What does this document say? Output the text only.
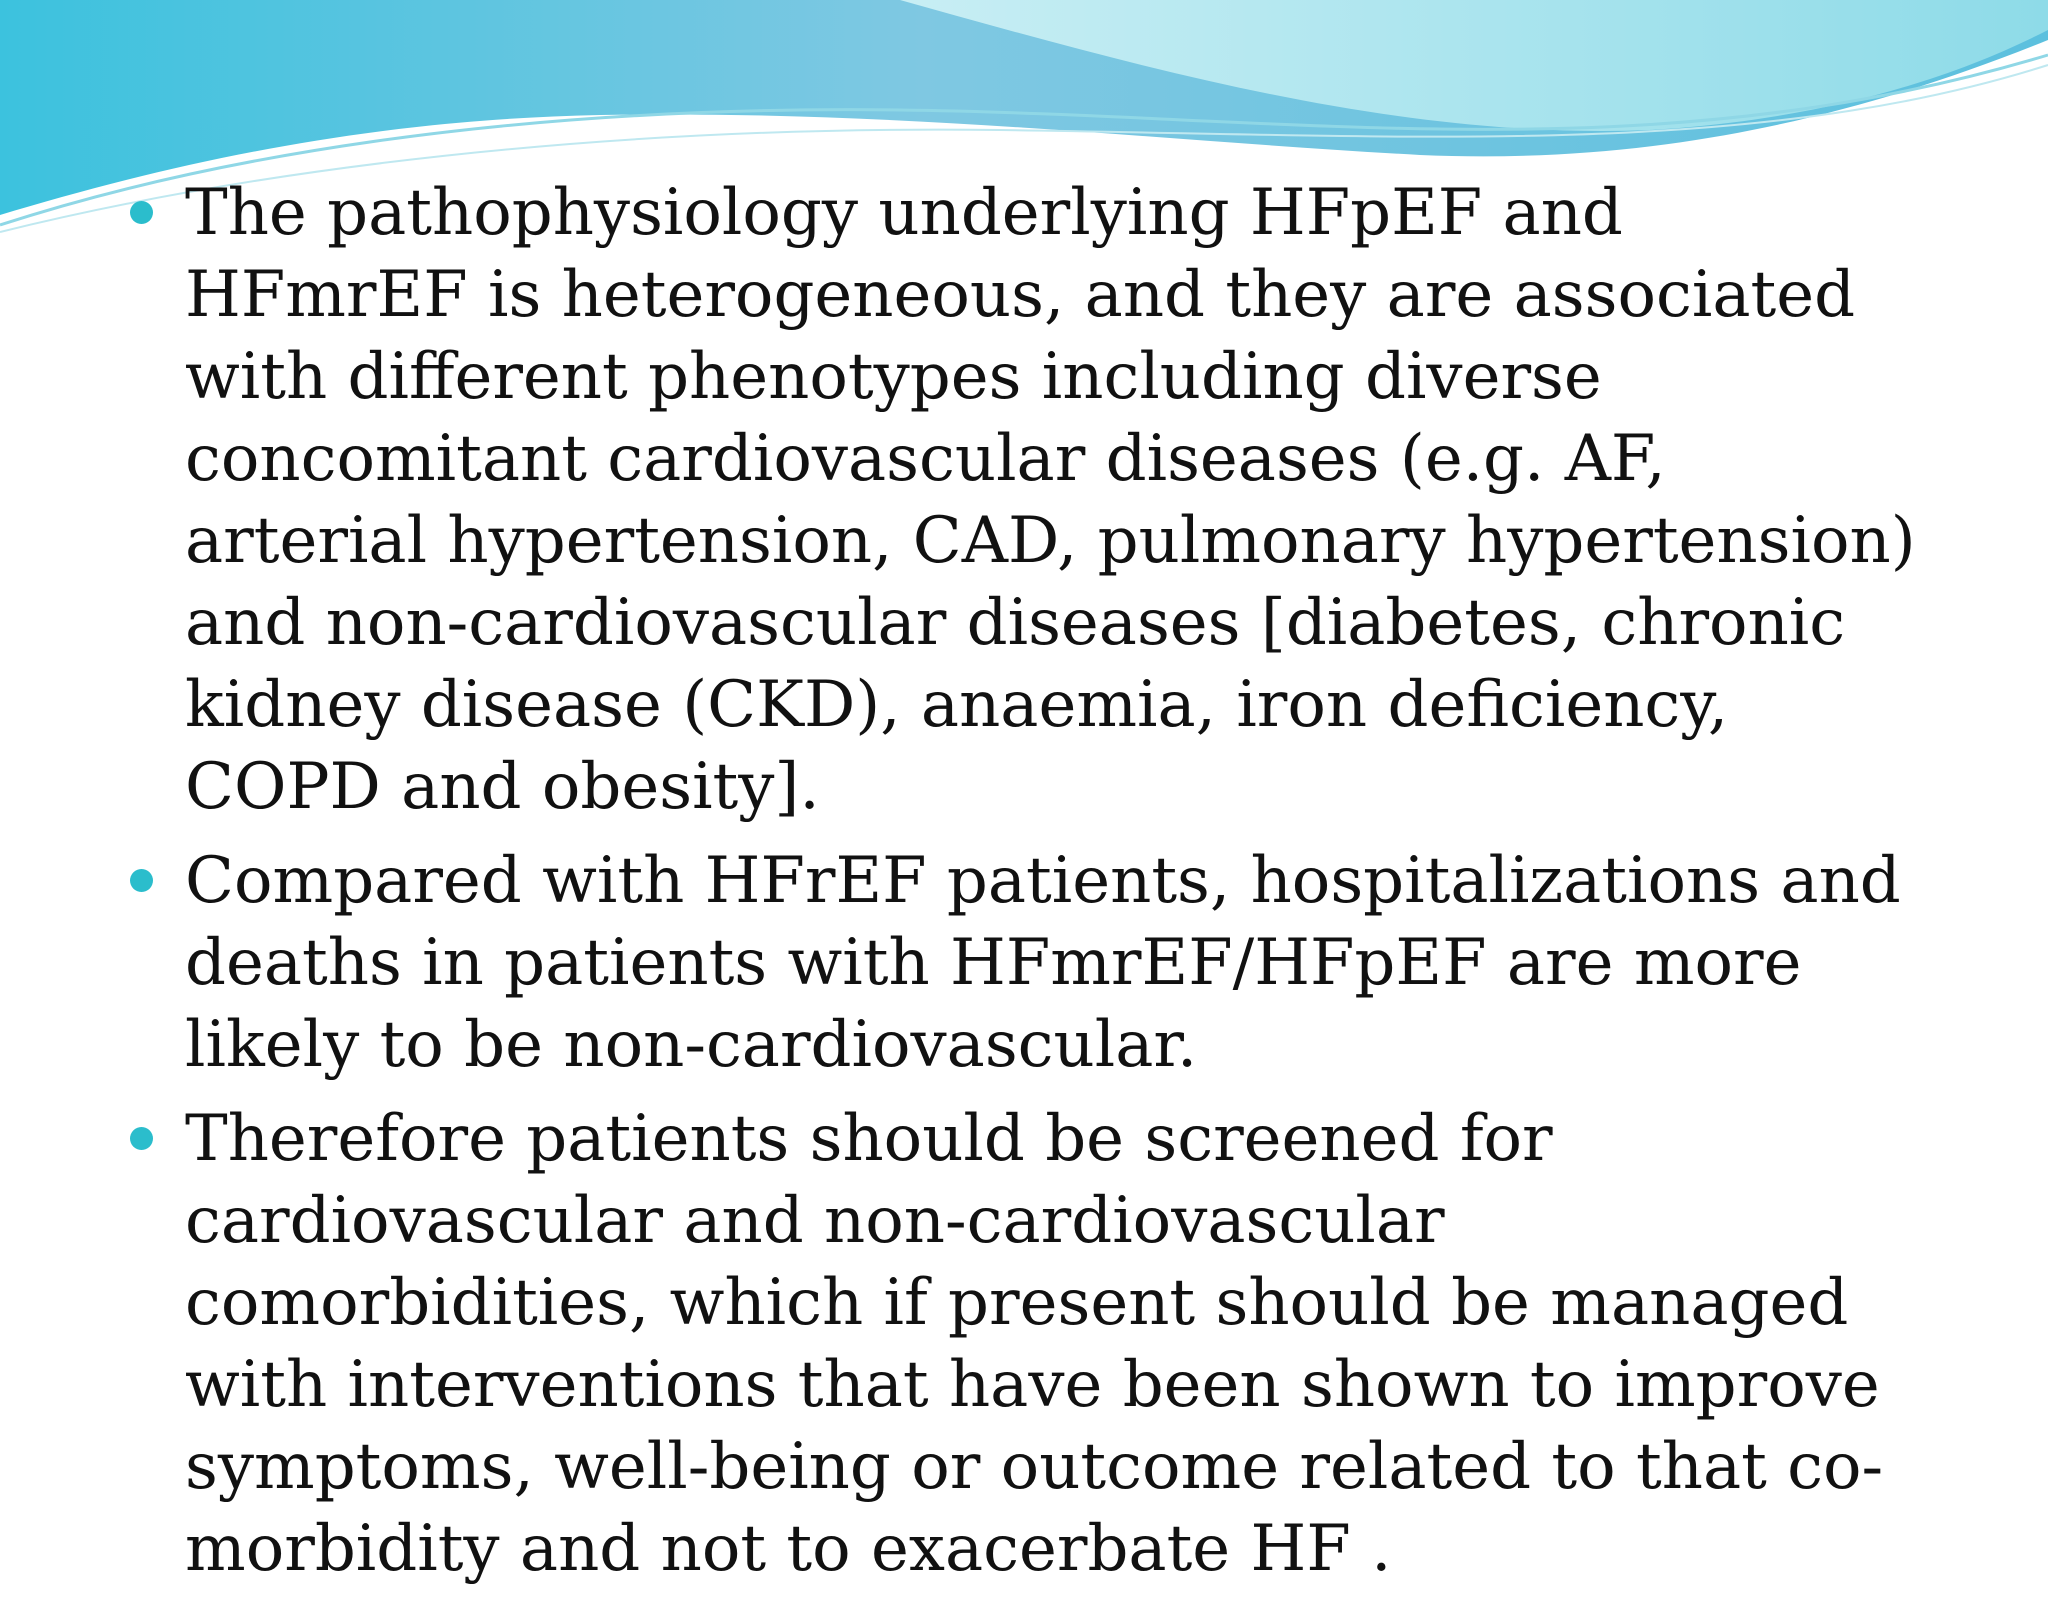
The pathophysiology underlying HFpEF and HFmrEF is heterogeneous, and they are associated with different phenotypes including diverse concomitant cardiovascular diseases (e.g. AF, arterial hypertension, CAD, pulmonary hypertension) and non-cardiovascular diseases [diabetes, chronic kidney disease (CKD), anaemia, iron deficiency, COPD and obesity].
Compared with HFrEF patients, hospitalizations and deaths in patients with HFmrEF/HFpEF are more likely to be non-cardiovascular.
Therefore patients should be screened for cardiovascular and non-cardiovascular comorbidities, which if present should be managed with interventions that have been shown to improve symptoms, well-being or outcome related to that co-morbidity and not to exacerbate HF .
